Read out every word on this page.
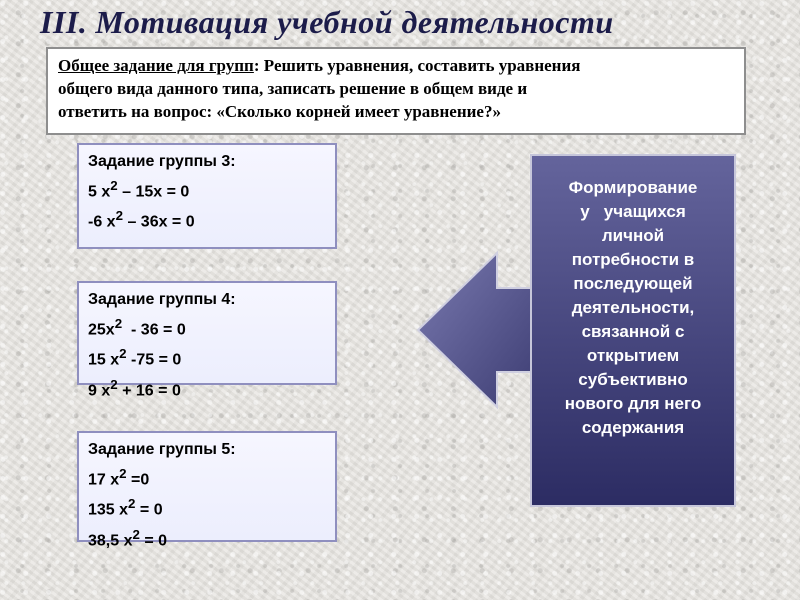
III. Мотивация учебной деятельности
Общее задание для групп: Решить уравнения, составить уравнения
общего вида данного типа, записать решение в общем виде и
ответить на вопрос: «Сколько корней имеет уравнение?»
Задание группы 3:
5 $x^2 - 15x = 0$
-6 $x^2 - 36x = 0$
Задание группы 4:
$25x^2 - 36 = 0$
15 $x^2$ -75 = 0
9 $x^2 + 16 = 0$
Задание группы 5:
17 $x^2 =0$
135 $x^2 = 0$
38,5 $x^2 = 0$
Формирование
у   учащихся
личной
потребности в
последующей
деятельности,
связанной с
открытием
субъективно
нового для него
содержания
